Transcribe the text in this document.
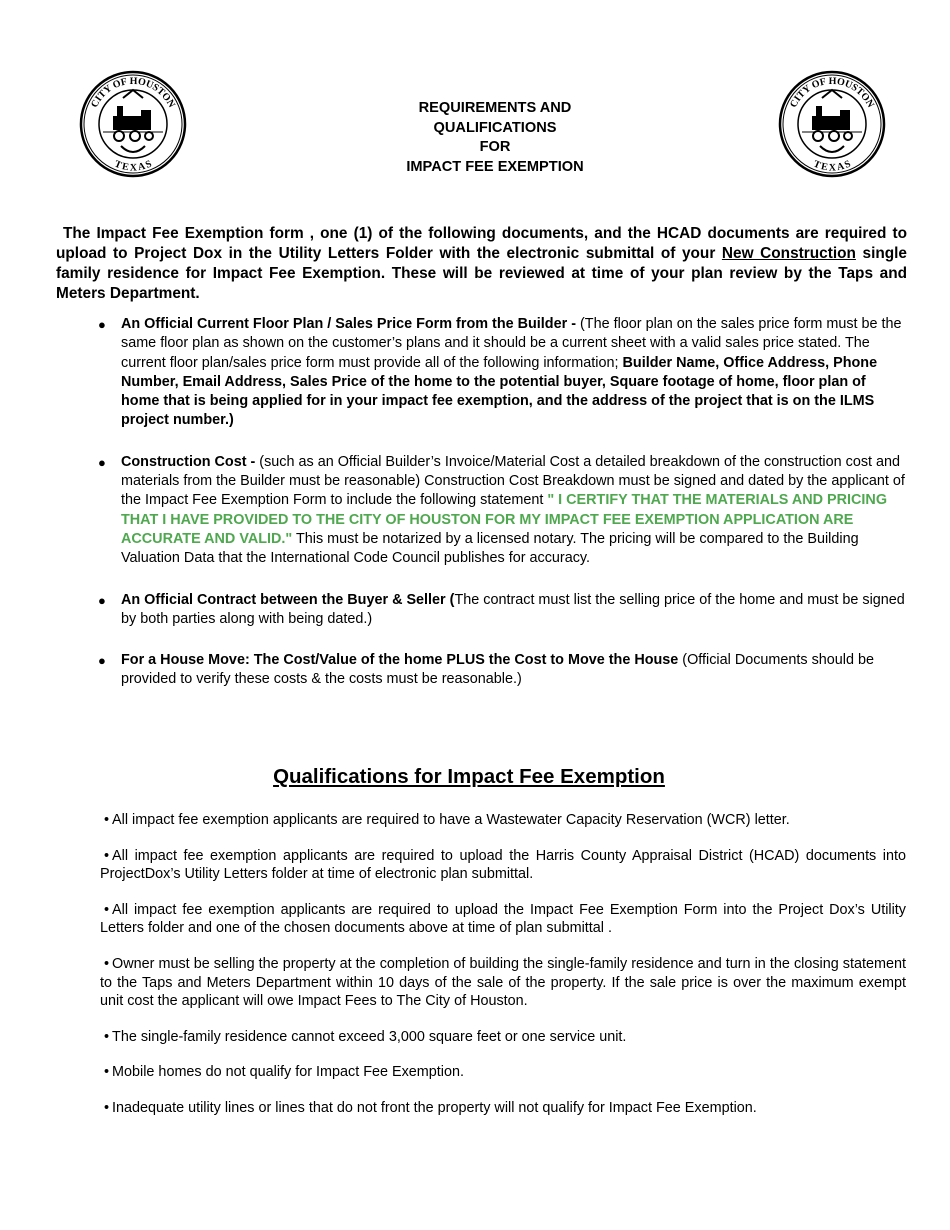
CITY OF HOUSTON
TEXAS
CITY OF HOUSTON
TEXAS
REQUIREMENTS AND
QUALIFICATIONS
FOR
IMPACT FEE EXEMPTION

The Impact Fee Exemption form , one (1) of the following documents, and the HCAD documents are required to upload to Project Dox in the Utility Letters Folder with the electronic submittal of your New Construction single family residence for Impact Fee Exemption. These will be reviewed at time of your plan review by the Taps and Meters Department.

● An Official Current Floor Plan / Sales Price Form from the Builder - (The floor plan on the sales price form must be the same floor plan as shown on the customer’s plans and it should be a current sheet with a valid sales price stated. The current floor plan/sales price form must provide all of the following information; Builder Name, Office Address, Phone Number, Email Address, Sales Price of the home to the potential buyer, Square footage of home, floor plan of home that is being applied for in your impact fee exemption, and the address of the project that is on the ILMS project number.)
● Construction Cost - (such as an Official Builder’s Invoice/Material Cost a detailed breakdown of the construction cost and materials from the Builder must be reasonable) Construction Cost Breakdown must be signed and dated by the applicant of the Impact Fee Exemption Form to include the following statement " I CERTIFY THAT THE MATERIALS AND PRICING THAT I HAVE PROVIDED TO THE CITY OF HOUSTON FOR MY IMPACT FEE EXEMPTION APPLICATION ARE ACCURATE AND VALID." This must be notarized by a licensed notary. The pricing will be compared to the Building Valuation Data that the International Code Council publishes for accuracy.
● An Official Contract between the Buyer & Seller (The contract must list the selling price of the home and must be signed by both parties along with being dated.)
● For a House Move: The Cost/Value of the home PLUS the Cost to Move the House (Official Documents should be provided to verify these costs & the costs must be reasonable.)
Qualifications for Impact Fee Exemption

• All impact fee exemption applicants are required to have a Wastewater Capacity Reservation (WCR) letter.

• All impact fee exemption applicants are required to upload the Harris County Appraisal District (HCAD) documents into ProjectDox’s Utility Letters folder at time of electronic plan submittal.

• All impact fee exemption applicants are required to upload the Impact Fee Exemption Form into the Project Dox’s Utility Letters folder and one of the chosen documents above at time of plan submittal .

• Owner must be selling the property at the completion of building the single-family residence and turn in the closing statement to the Taps and Meters Department within 10 days of the sale of the property. If the sale price is over the maximum exempt unit cost the applicant will owe Impact Fees to The City of Houston.

• The single-family residence cannot exceed 3,000 square feet or one service unit.

• Mobile homes do not qualify for Impact Fee Exemption.

• Inadequate utility lines or lines that do not front the property will not qualify for Impact Fee Exemption.
